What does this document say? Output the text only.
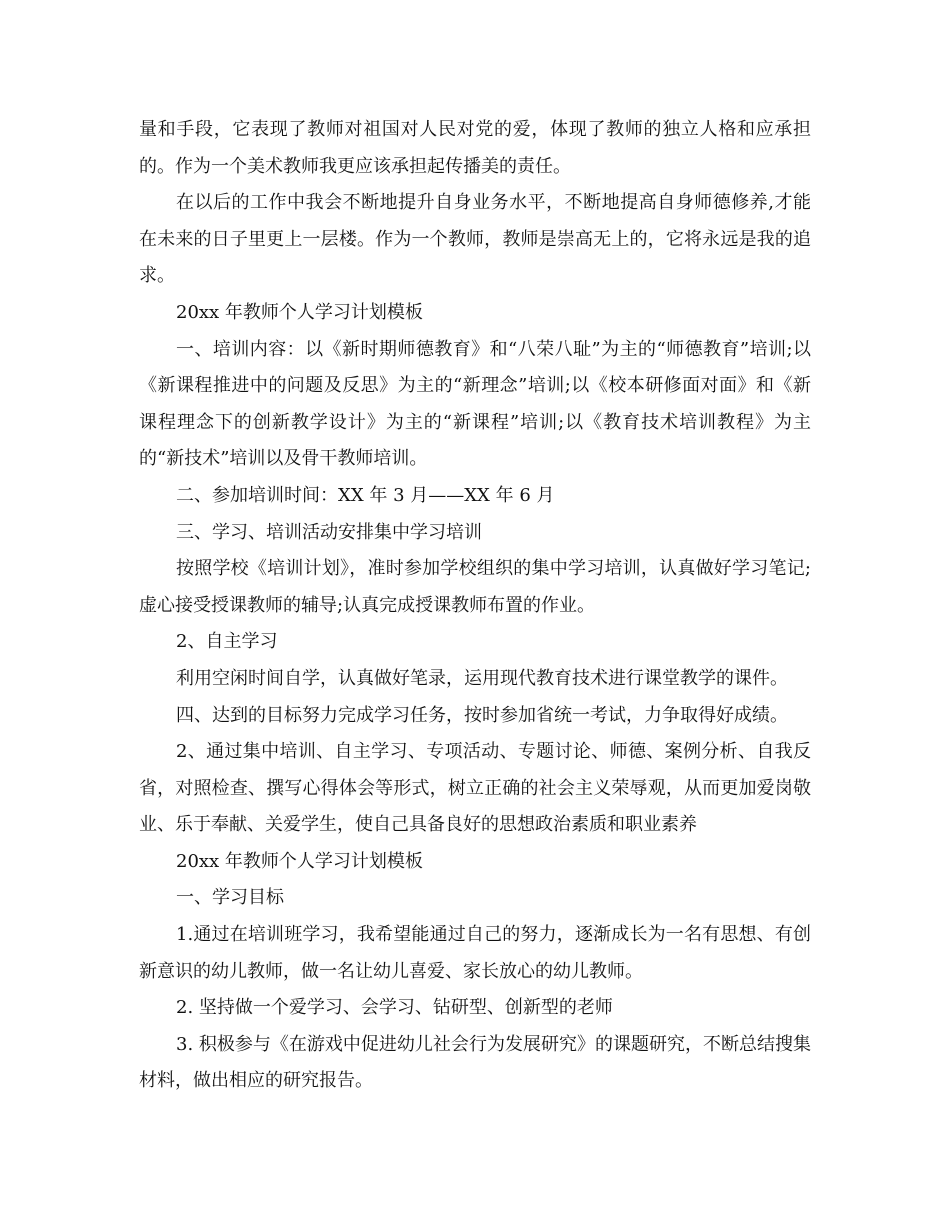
量和手段，它表现了教师对祖国对人民对党的爱，体现了教师的独立人格和应承担的。作为一个美术教师我更应该承担起传播美的责任。

在以后的工作中我会不断地提升自身业务水平，不断地提高自身师德修养,才能在未来的日子里更上一层楼。作为一个教师，教师是崇高无上的，它将永远是我的追求。

20xx 年教师个人学习计划模板

一、培训内容：以《新时期师德教育》和“八荣八耻”为主的“师德教育”培训;以《新课程推进中的问题及反思》为主的“新理念”培训;以《校本研修面对面》和《新课程理念下的创新教学设计》为主的“新课程”培训;以《教育技术培训教程》为主的“新技术”培训以及骨干教师培训。

二、参加培训时间：XX 年 3 月——XX 年 6 月

三、学习、培训活动安排集中学习培训

按照学校《培训计划》，准时参加学校组织的集中学习培训，认真做好学习笔记;虚心接受授课教师的辅导;认真完成授课教师布置的作业。

2、自主学习

利用空闲时间自学，认真做好笔录，运用现代教育技术进行课堂教学的课件。

四、达到的目标努力完成学习任务，按时参加省统一考试，力争取得好成绩。

2、通过集中培训、自主学习、专项活动、专题讨论、师德、案例分析、自我反省，对照检查、撰写心得体会等形式，树立正确的社会主义荣辱观，从而更加爱岗敬业、乐于奉献、关爱学生，使自己具备良好的思想政治素质和职业素养

20xx 年教师个人学习计划模板

一、学习目标

1.通过在培训班学习，我希望能通过自己的努力，逐渐成长为一名有思想、有创新意识的幼儿教师，做一名让幼儿喜爱、家长放心的幼儿教师。

2. 坚持做一个爱学习、会学习、钻研型、创新型的老师

3. 积极参与《在游戏中促进幼儿社会行为发展研究》的课题研究，不断总结搜集材料，做出相应的研究报告。
